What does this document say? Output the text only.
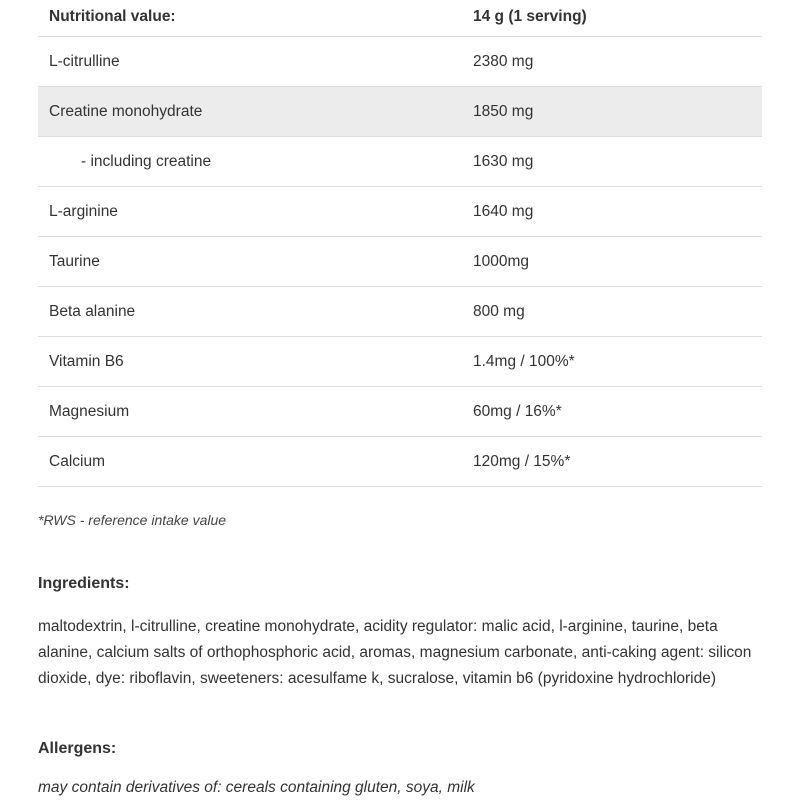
Nutritional value:	14 g (1 serving)
L-citrulline	2380 mg
Creatine monohydrate	1850 mg
- including creatine	1630 mg
L-arginine	1640 mg
Taurine	1000mg
Beta alanine	800 mg
Vitamin B6	1.4mg / 100%*
Magnesium	60mg / 16%*
Calcium	120mg / 15%*
*RWS - reference intake value
Ingredients:
maltodextrin, l-citrulline, creatine monohydrate, acidity regulator: malic acid, l-arginine, taurine, beta alanine, calcium salts of orthophosphoric acid, aromas, magnesium carbonate, anti-caking agent: silicon dioxide, dye: riboflavin, sweeteners: acesulfame k, sucralose, vitamin b6 (pyridoxine hydrochloride)
Allergens:
may contain derivatives of: cereals containing gluten, soya, milk
